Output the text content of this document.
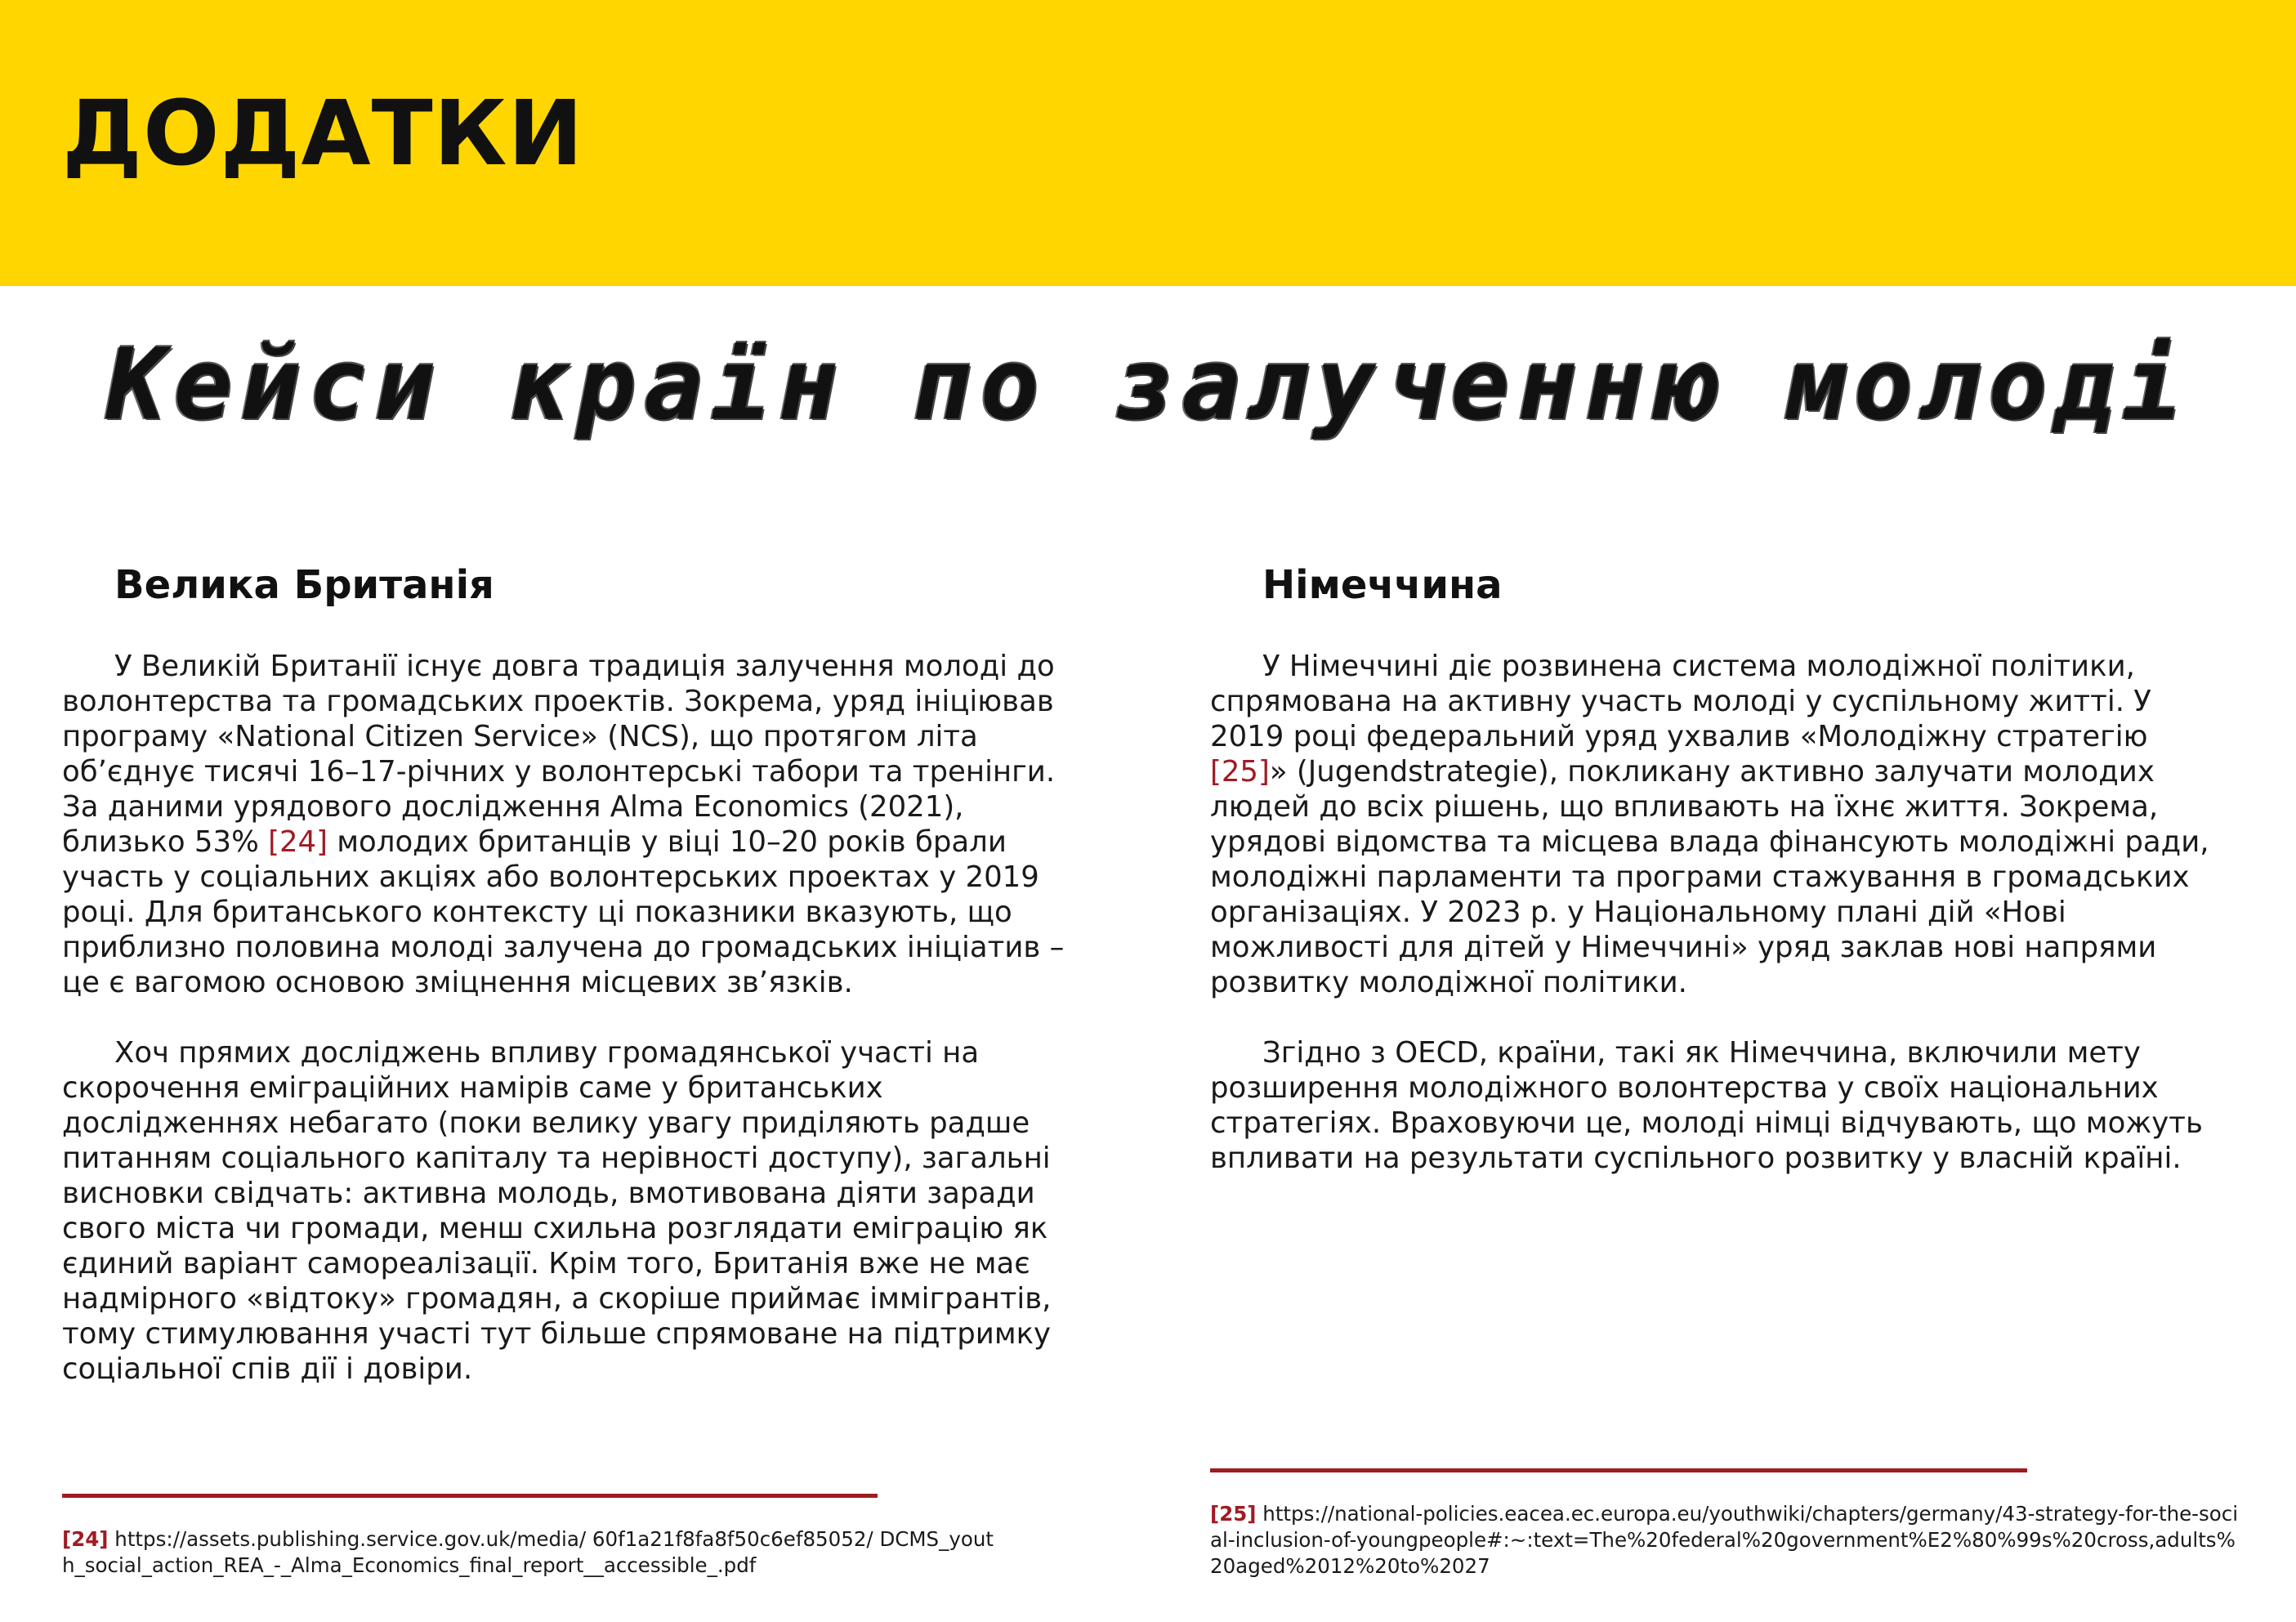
ДОДАТКИ
Кейси країн по залученню молоді
Велика Британія

У Великій Британії існує довга традиція залучення молоді до волонтерства та громадських проектів. Зокрема, уряд ініціював програму «National Citizen Service» (NCS), що протягом літа об’єднує тисячі 16–17-річних у волонтерські табори та тренінги. За даними урядового дослідження Alma Economics (2021), близько 53% [24] молодих британців у віці 10–20 років брали участь у соціальних акціях або волонтерських проектах у 2019 році. Для британського контексту ці показники вказують, що приблизно половина молоді залучена до громадських ініціатив – це є вагомою основою зміцнення місцевих зв’язків.

Хоч прямих досліджень впливу громадянської участі на скорочення еміграційних намірів саме у британських дослідженнях небагато (поки велику увагу приділяють радше питанням соціального капіталу та нерівності доступу), загальні висновки свідчать: активна молодь, вмотивована діяти заради свого міста чи громади, менш схильна розглядати еміграцію як єдиний варіант самореалізації. Крім того, Британія вже не має надмірного «відтоку» громадян, а скоріше приймає іммігрантів, тому стимулювання участі тут більше спрямоване на підтримку соціальної спів дії і довіри.

Німеччина

У Німеччині діє розвинена система молодіжної політики, спрямована на активну участь молоді у суспільному житті. У 2019 році федеральний уряд ухвалив «Молодіжну стратегію [25]» (Jugendstrategie), покликану активно залучати молодих людей до всіх рішень, що впливають на їхнє життя. Зокрема, урядові відомства та місцева влада фінансують молодіжні ради, молодіжні парламенти та програми стажування в громадських організаціях. У 2023 р. у Національному плані дій «Нові можливості для дітей у Німеччині» уряд заклав нові напрями розвитку молодіжної політики.

Згідно з OECD, країни, такі як Німеччина, включили мету розширення молодіжного волонтерства у своїх національних стратегіях. Враховуючи це, молоді німці відчувають, що можуть впливати на результати суспільного розвитку у власній країні.

[24] https://assets.publishing.service.gov.uk/media/ 60f1a21f8fa8f50c6ef85052/ DCMS_youth_social_action_REA_-_Alma_Economics_final_report__accessible_.pdf
[25] https://national-policies.eacea.ec.europa.eu/youthwiki/chapters/germany/43-strategy-for-the-social-inclusion-of-youngpeople#:~:text=The%20federal%20government%E2%80%99s%20cross,adults%20aged%2012%20to%2027
